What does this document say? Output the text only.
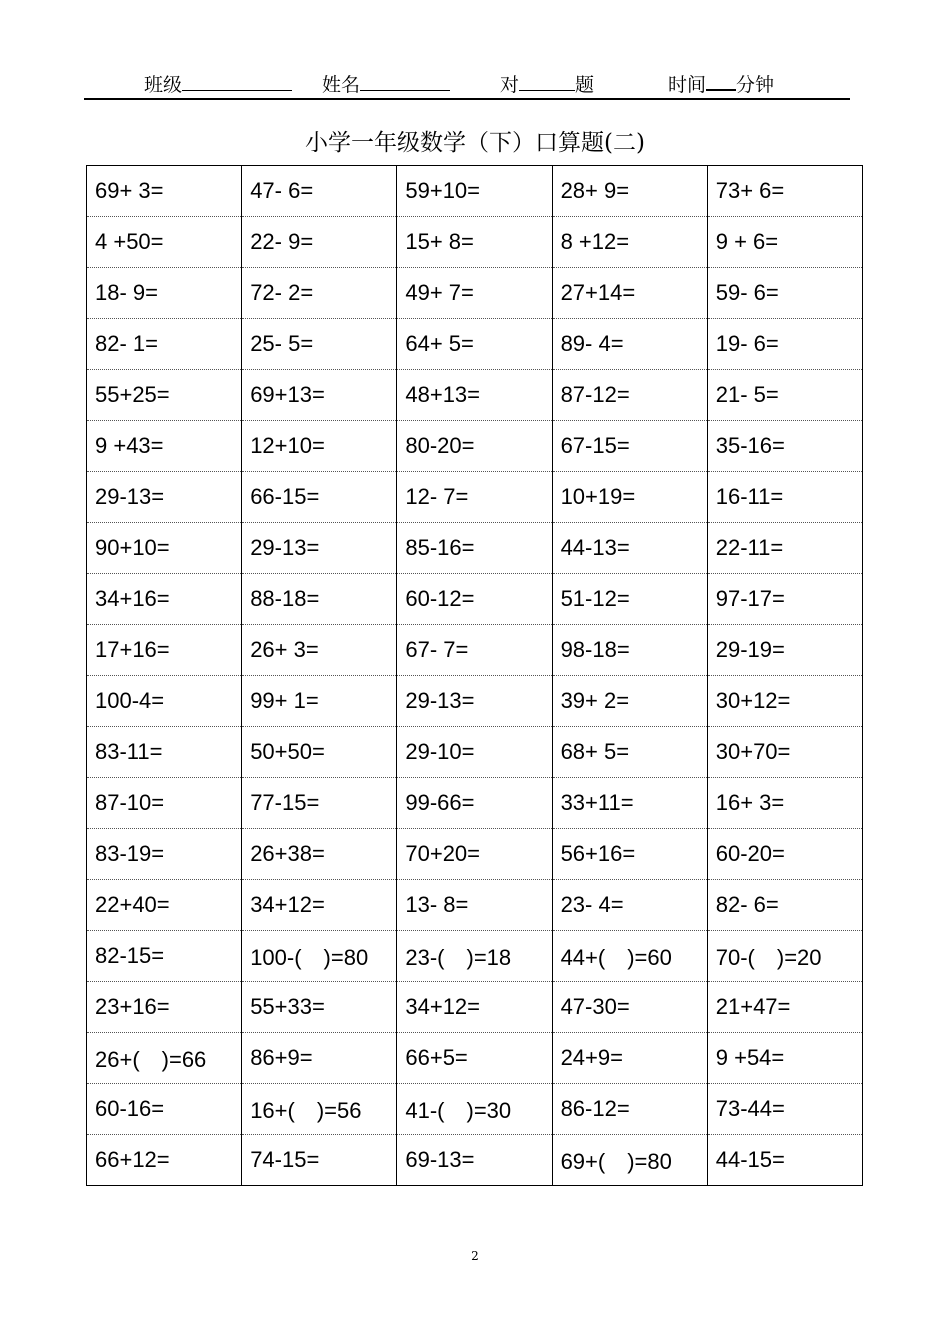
班级	姓名	对	题	时间 分钟
小学一年级数学（下）口算题(二)
69+ 3=	47- 6=	59+10=	28+ 9=	73+ 6=
4 +50=	22- 9=	15+ 8=	8 +12=	9 + 6=
18- 9=	72- 2=	49+ 7=	27+14=	59- 6=
82- 1=	25- 5=	64+ 5=	89- 4=	19- 6=
55+25=	69+13=	48+13=	87-12=	21- 5=
9 +43=	12+10=	80-20=	67-15=	35-16=
29-13=	66-15=	12- 7=	10+19=	16-11=
90+10=	29-13=	85-16=	44-13=	22-11=
34+16=	88-18=	60-12=	51-12=	97-17=
17+16=	26+ 3=	67- 7=	98-18=	29-19=
100-4=	99+ 1=	29-13=	39+ 2=	30+12=
83-11=	50+50=	29-10=	68+ 5=	30+70=
87-10=	77-15=	99-66=	33+11=	16+ 3=
83-19=	26+38=	70+20=	56+16=	60-20=
22+40=	34+12=	13- 8=	23- 4=	82- 6=
82-15=	100-(　)=80	23-(　)=18	44+(　)=60	70-(　)=20
23+16=	55+33=	34+12=	47-30=	21+47=
26+(　)=66	86+9=	66+5=	24+9=	9 +54=
60-16=	16+(　)=56	41-(　)=30	86-12=	73-44=
66+12=	74-15=	69-13=	69+(　)=80	44-15=
2
